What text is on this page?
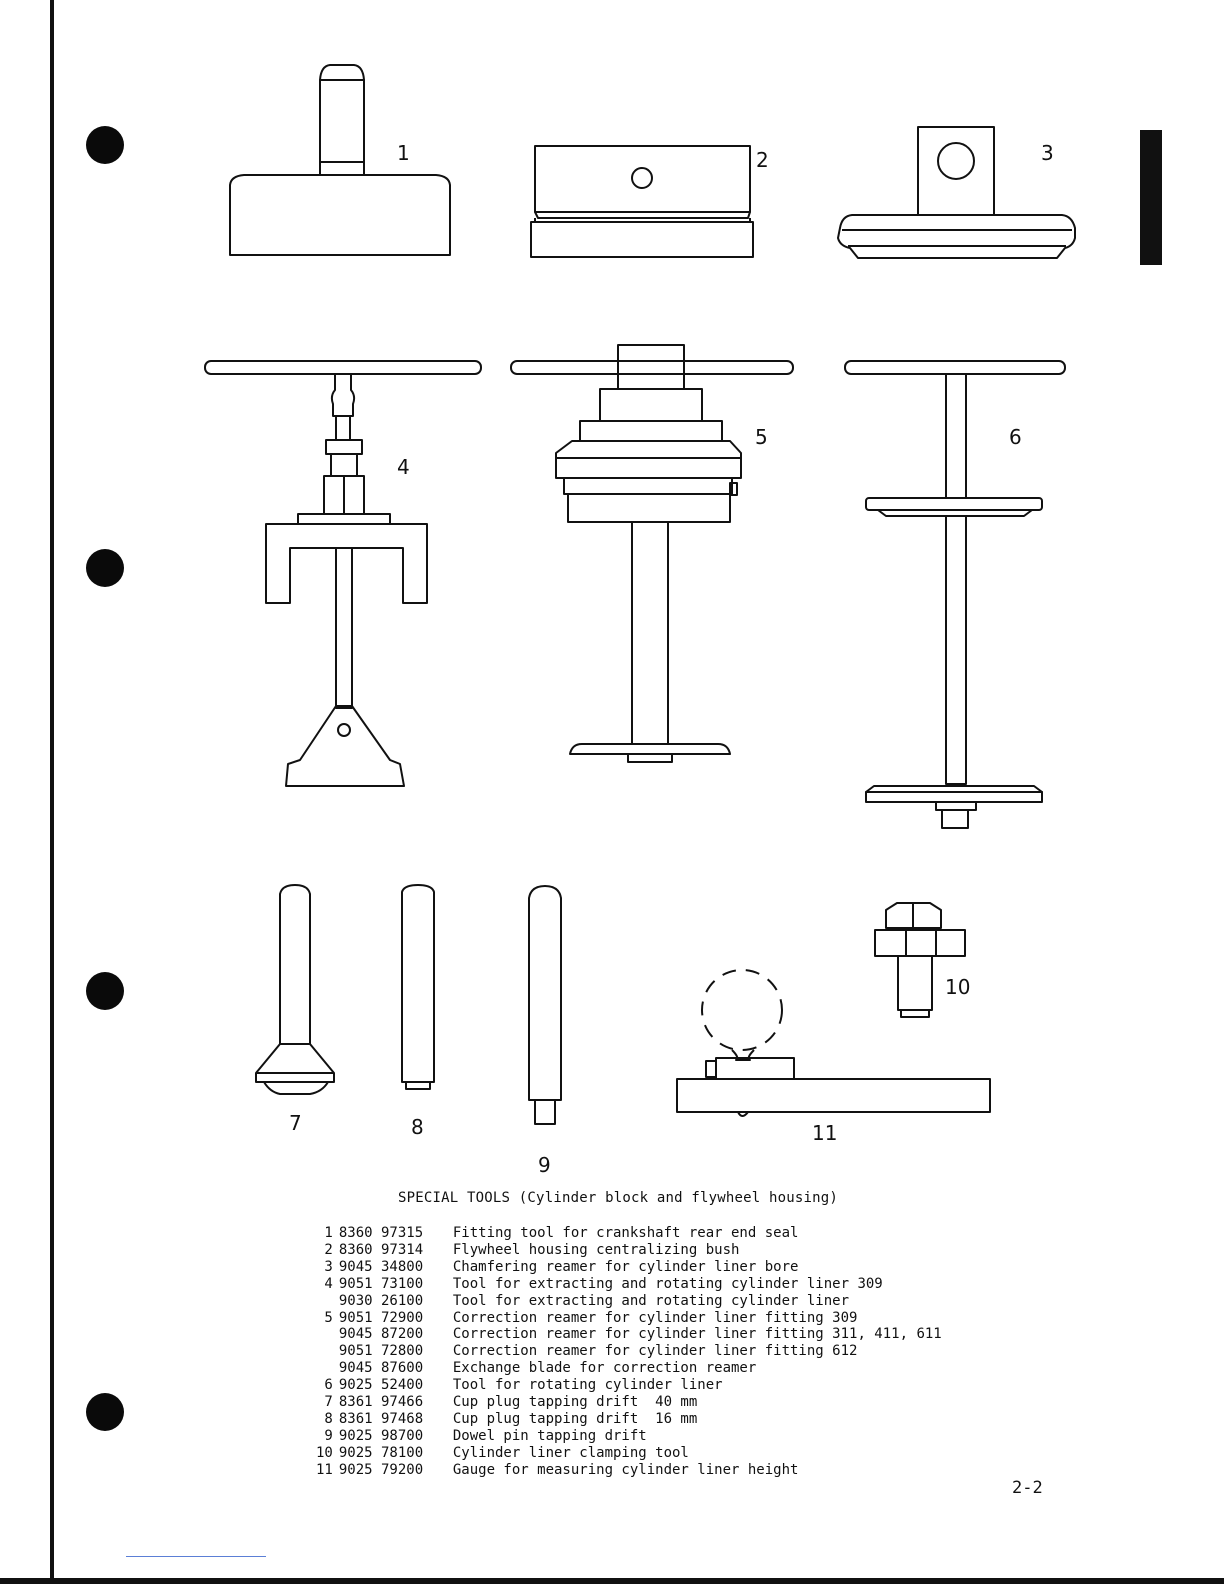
1	2	3
4
5	6
7	8
9
10
11
SPECIAL TOOLS (Cylinder block and flywheel housing)
1	8360 97315	Fitting tool for crankshaft rear end seal
2	8360 97314	Flywheel housing centralizing bush
3	9045 34800	Chamfering reamer for cylinder liner bore
4	9051 73100	Tool for extracting and rotating cylinder liner 309
	9030 26100	Tool for extracting and rotating cylinder liner
5	9051 72900	Correction reamer for cylinder liner fitting 309
	9045 87200	Correction reamer for cylinder liner fitting 311, 411, 611
	9051 72800	Correction reamer for cylinder liner fitting 612
	9045 87600	Exchange blade for correction reamer
6	9025 52400	Tool for rotating cylinder liner
7	8361 97466	Cup plug tapping drift  40 mm
8	8361 97468	Cup plug tapping drift  16 mm
9	9025 98700	Dowel pin tapping drift
10	9025 78100	Cylinder liner clamping tool
11	9025 79200	Gauge for measuring cylinder liner height
2-2
